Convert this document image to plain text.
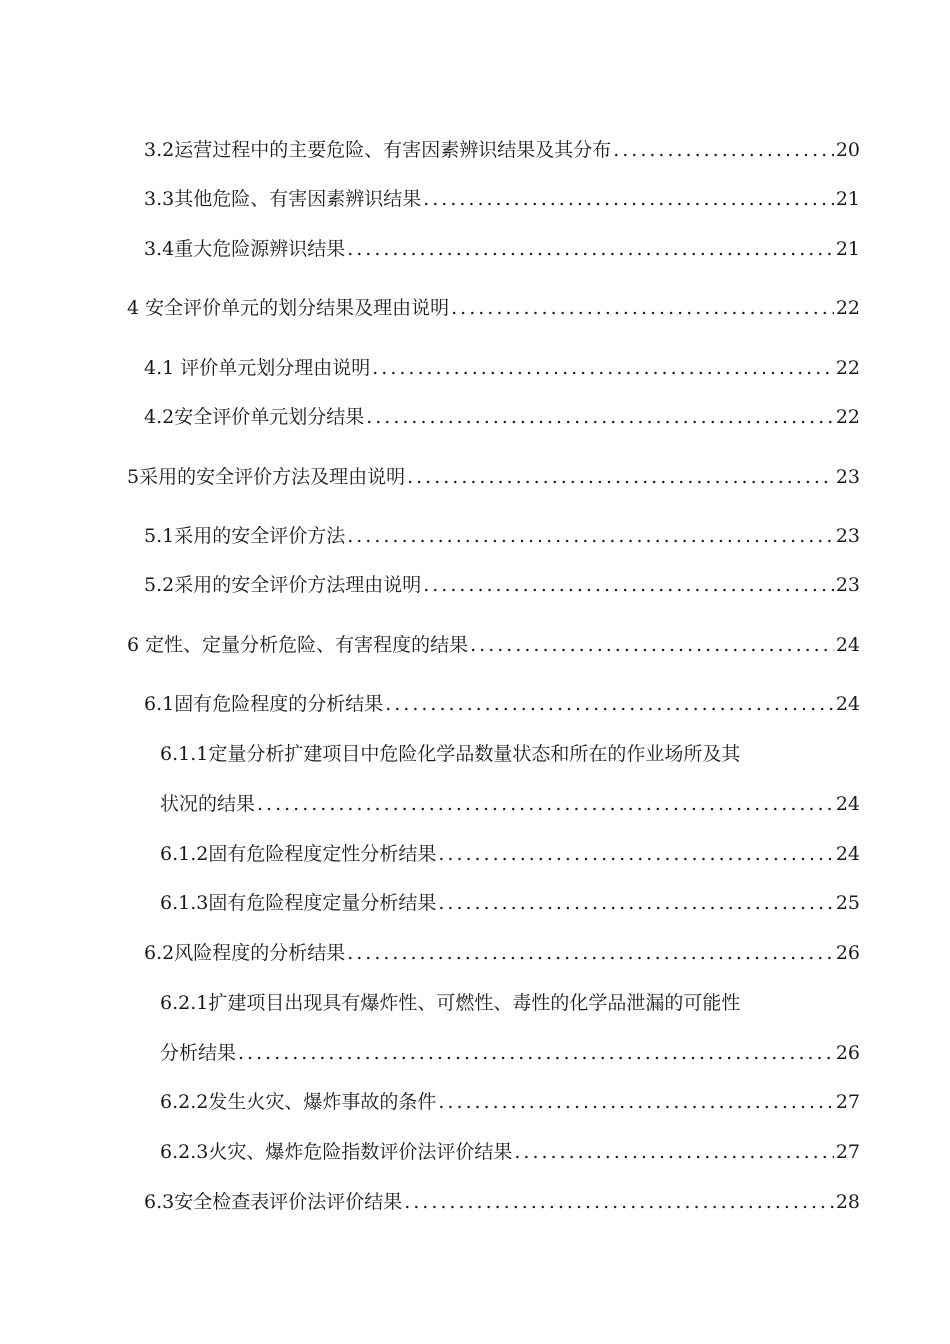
3.2运营过程中的主要危险、有害因素辨识结果及其分布 .....	20
3.3其他危险、有害因素辨识结果 .....	21
3.4重大危险源辨识结果 .....	21
4 安全评价单元的划分结果及理由说明 .....	22
4.1 评价单元划分理由说明 .....	22
4.2安全评价单元划分结果 .....	22
5采用的安全评价方法及理由说明 .....	23
5.1采用的安全评价方法 .....	23
5.2采用的安全评价方法理由说明 .....	23
6 定性、定量分析危险、有害程度的结果 .....	24
6.1固有危险程度的分析结果 .....	24
6.1.1定量分析扩建项目中危险化学品数量状态和所在的作业场所及其
状况的结果 .....	24
6.1.2固有危险程度定性分析结果 .....	24
6.1.3固有危险程度定量分析结果 .....	25
6.2风险程度的分析结果 .....	26
6.2.1扩建项目出现具有爆炸性、可燃性、毒性的化学品泄漏的可能性
分析结果 .....	26
6.2.2发生火灾、爆炸事故的条件 .....	27
6.2.3火灾、爆炸危险指数评价法评价结果 .....	27
6.3安全检查表评价法评价结果 .....	28
